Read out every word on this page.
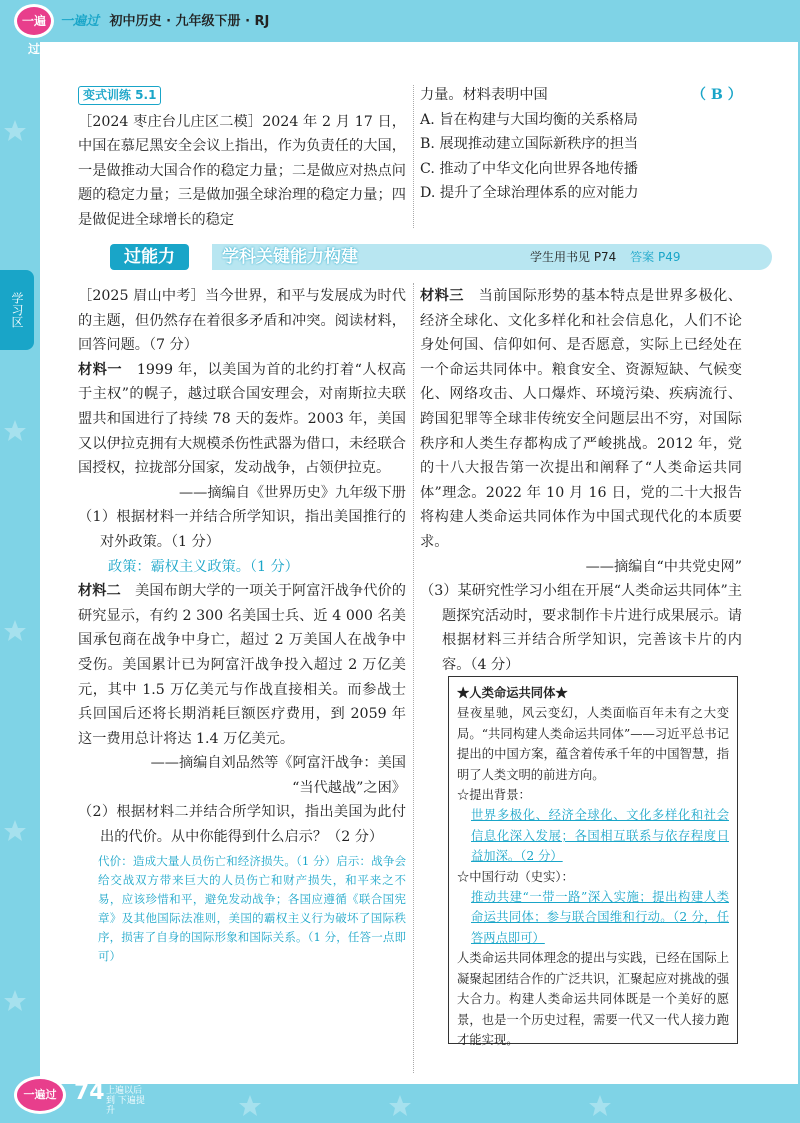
一遍过
一遍过 初中历史 · 九年级下册 · RJ
学习区

变式训练 5.1

［2024 枣庄台儿庄区二模］2024 年 2 月 17 日，中国在慕尼黑安全会议上指出，作为负责任的大国，一是做推动大国合作的稳定力量；二是做应对热点问题的稳定力量；三是做加强全球治理的稳定力量；四是做促进全球增长的稳定

力量。材料表明中国	（ B ）

A. 旨在构建与大国均衡的关系格局

B. 展现推动建立国际新秩序的担当

C. 推动了中华文化向世界各地传播

D. 提升了全球治理体系的应对能力

过能力	学科关键能力构建	学生用书见 P74 答案 P49

［2025 眉山中考］当今世界，和平与发展成为时代的主题，但仍然存在着很多矛盾和冲突。阅读材料，回答问题。（7 分）

材料一　 1999 年，以美国为首的北约打着“人权高于主权”的幌子，越过联合国安理会，对南斯拉夫联盟共和国进行了持续 78 天的轰炸。2003 年，美国又以伊拉克拥有大规模杀伤性武器为借口，未经联合国授权，拉拢部分国家，发动战争，占领伊拉克。

——摘编自《世界历史》九年级下册

（1）根据材料一并结合所学知识，指出美国推行的对外政策。（1 分）

政策：霸权主义政策。（1 分）

材料二　 美国布朗大学的一项关于阿富汗战争代价的研究显示，有约 2 300 名美国士兵、近 4 000 名美国承包商在战争中身亡，超过 2 万美国人在战争中受伤。美国累计已为阿富汗战争投入超过 2 万亿美元，其中 1.5 万亿美元与作战直接相关。而参战士兵回国后还将长期消耗巨额医疗费用，到 2059 年这一费用总计将达 1.4 万亿美元。

——摘编自刘品然等《阿富汗战争：美国

“当代越战”之困》

（2）根据材料二并结合所学知识，指出美国为此付出的代价。从中你能得到什么启示？（2 分）

代价：造成大量人员伤亡和经济损失。（1 分）启示：战争会给交战双方带来巨大的人员伤亡和财产损失，和平来之不易，应该珍惜和平，避免发动战争；各国应遵循《联合国宪章》及其他国际法准则，美国的霸权主义行为破坏了国际秩序，损害了自身的国际形象和国际关系。（1 分，任答一点即可）

材料三　 当前国际形势的基本特点是世界多极化、经济全球化、文化多样化和社会信息化，人们不论身处何国、信仰如何、是否愿意，实际上已经处在一个命运共同体中。粮食安全、资源短缺、气候变化、网络攻击、人口爆炸、环境污染、疾病流行、跨国犯罪等全球非传统安全问题层出不穷，对国际秩序和人类生存都构成了严峻挑战。2012 年，党的十八大报告第一次提出和阐释了“人类命运共同体”理念。2022 年 10 月 16 日，党的二十大报告将构建人类命运共同体作为中国式现代化的本质要求。

——摘编自“中共党史网”

（3）某研究性学习小组在开展“人类命运共同体”主题探究活动时，要求制作卡片进行成果展示。请根据材料三并结合所学知识，完善该卡片的内容。（4 分）

★人类命运共同体★

昼夜星驰，风云变幻，人类面临百年未有之大变局。“共同构建人类命运共同体”——习近平总书记提出的中国方案，蕴含着传承千年的中国智慧，指明了人类文明的前进方向。

☆提出背景：

世界多极化、经济全球化、文化多样化和社会信息化深入发展；各国相互联系与依存程度日益加深。（2 分）

☆中国行动（史实）：

推动共建“一带一路”深入实施；提出构建人类命运共同体；参与联合国维和行动。（2 分，任答两点即可）

人类命运共同体理念的提出与实践，已经在国际上凝聚起团结合作的广泛共识，汇聚起应对挑战的强大合力。构建人类命运共同体既是一个美好的愿景，也是一个历史过程，需要一代又一代人接力跑才能实现。

一遍过 74 上遍以后到 下遍提升
